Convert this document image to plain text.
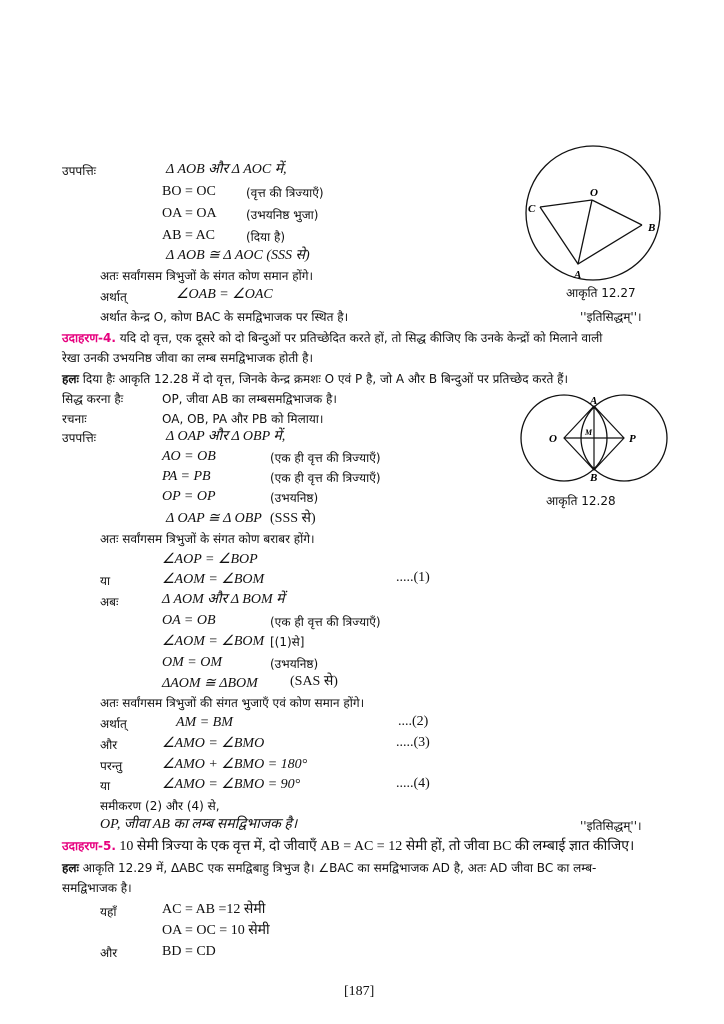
उपपत्तिः	Δ AOB और Δ AOC में,
BO = OC	(वृत्त की त्रिज्याएँ)
OA = OA (उभयनिष्ठ भुजा)
AB = AC	(दिया है)
Δ AOB ≅ Δ AOC (SSS से)
अतः सर्वांगसम त्रिभुजों के संगत कोण समान होंगे।
अर्थात्	∠OAB = ∠OAC
अर्थात केन्द्र O, कोण BAC के समद्विभाजक पर स्थित है।	''इतिसिद्धम्''।
O
C
B
A
आकृति 12.27
उदाहरण-4. यदि दो वृत्त, एक दूसरे को दो बिन्दुओं पर प्रतिच्छेदित करते हों, तो सिद्ध कीजिए कि उनके केन्द्रों को मिलाने वाली
रेखा उनकी उभयनिष्ठ जीवा का लम्ब समद्विभाजक होती है।
हलः दिया हैः आकृति 12.28 में दो वृत्त, जिनके केन्द्र क्रमशः O एवं P है, जो A और B बिन्दुओं पर प्रतिच्छेद करते हैं।
सिद्ध करना हैः	OP, जीवा AB का लम्बसमद्विभाजक है।
रचनाः	OA, OB, PA और PB को मिलाया।
A
B
O	P
M
आकृति 12.28
उपपत्तिः	Δ OAP और Δ OBP में,
AO = OB	(एक ही वृत्त की त्रिज्याएँ)
PA = PB	(एक ही वृत्त की त्रिज्याएँ)
OP = OP	(उभयनिष्ठ)
Δ OAP ≅ Δ OBP (SSS से)
अतः सर्वांगसम त्रिभुजों के संगत कोण बराबर होंगे।
∠AOP = ∠BOP
या	∠AOM = ∠BOM	.....(1)
अबः	Δ AOM और Δ BOM में
OA = OB	(एक ही वृत्त की त्रिज्याएँ)
∠AOM = ∠BOM [(1)से]
OM = OM	(उभयनिष्ठ)
ΔAOM ≅ ΔBOM (SAS से)
अतः सर्वांगसम त्रिभुजों की संगत भुजाएँ एवं कोण समान होंगे।
अर्थात्	AM = BM	....(2)
और	∠AMO = ∠BMO	.....(3)
परन्तु	∠AMO + ∠BMO = 180°
या	∠AMO = ∠BMO = 90°	.....(4)
समीकरण (2) और (4) से,
OP, जीवा AB का लम्ब समद्विभाजक है।	''इतिसिद्धम्''।
उदाहरण-5. 10 सेमी त्रिज्या के एक वृत्त में, दो जीवाएँ AB = AC = 12 सेमी हों, तो जीवा BC की लम्बाई ज्ञात कीजिए।
हलः आकृति 12.29 में, ΔABC एक समद्विबाहु त्रिभुज है। ∠BAC का समद्विभाजक AD है, अतः AD जीवा BC का लम्ब-
समद्विभाजक है।
यहाँ	AC = AB =12 सेमी
OA = OC = 10 सेमी
और	BD = CD
[187]
